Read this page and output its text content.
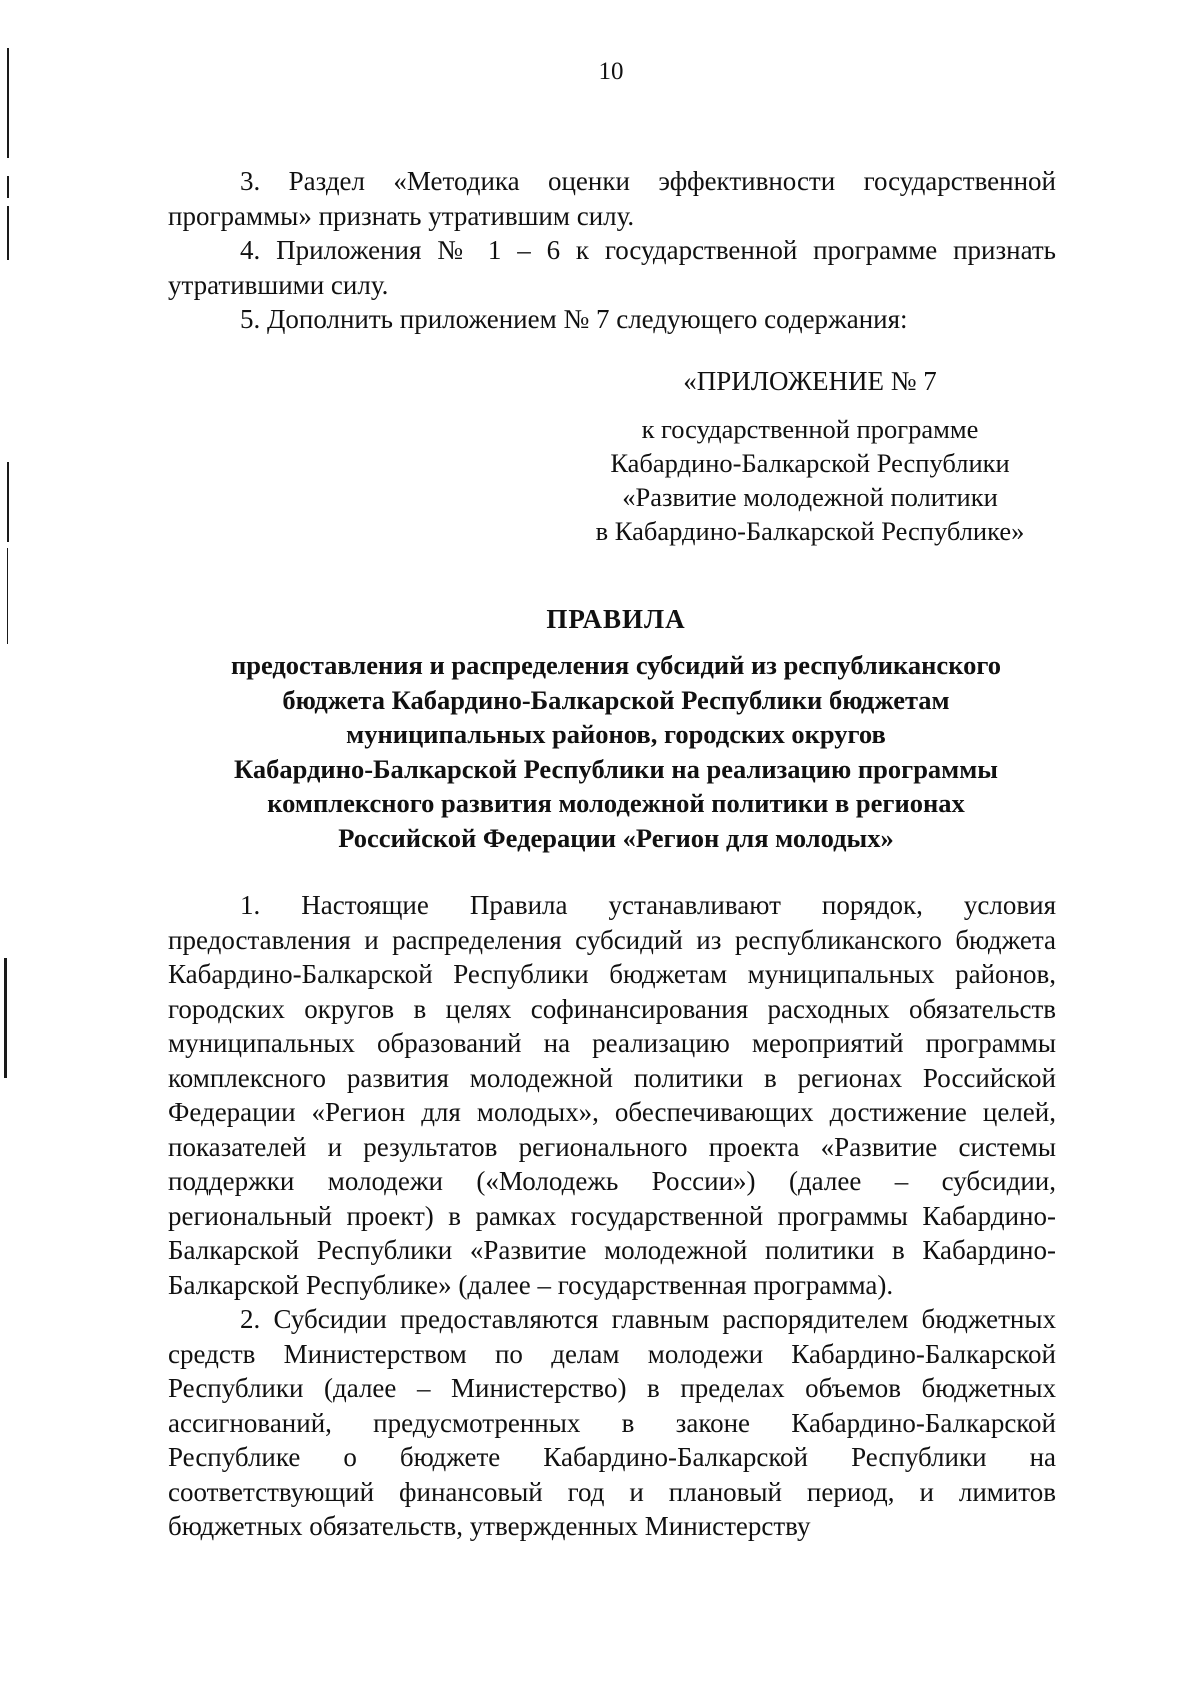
10

3. Раздел «Методика оценки эффективности государственной программы» признать утратившим силу.

4. Приложения № 1 – 6 к государственной программе признать утратившими силу.

5. Дополнить приложением № 7 следующего содержания:

«ПРИЛОЖЕНИЕ № 7
к государственной программе
Кабардино-Балкарской Республики
«Развитие молодежной политики
в Кабардино-Балкарской Республике»
ПРАВИЛА
предоставления и распределения субсидий из республиканского
бюджета Кабардино-Балкарской Республики бюджетам
муниципальных районов, городских округов
Кабардино-Балкарской Республики на реализацию программы
комплексного развития молодежной политики в регионах
Российской Федерации «Регион для молодых»

1. Настоящие Правила устанавливают порядок, условия предоставления и распределения субсидий из республиканского бюджета Кабардино-Балкарской Республики бюджетам муниципальных районов, городских округов в целях софинансирования расходных обязательств муниципальных образований на реализацию мероприятий программы комплексного развития молодежной политики в регионах Российской Федерации «Регион для молодых», обеспечивающих достижение целей, показателей и результатов регионального проекта «Развитие системы поддержки молодежи («Молодежь России») (далее – субсидии, региональный проект) в рамках государственной программы Кабардино-Балкарской Республики «Развитие молодежной политики в Кабардино-Балкарской Республике» (далее – государственная программа).

2. Субсидии предоставляются главным распорядителем бюджетных средств Министерством по делам молодежи Кабардино-Балкарской Республики (далее – Министерство) в пределах объемов бюджетных ассигнований, предусмотренных в законе Кабардино-Балкарской Республике о бюджете Кабардино-Балкарской Республики на соответствующий финансовый год и плановый период, и лимитов бюджетных обязательств, утвержденных Министерству
